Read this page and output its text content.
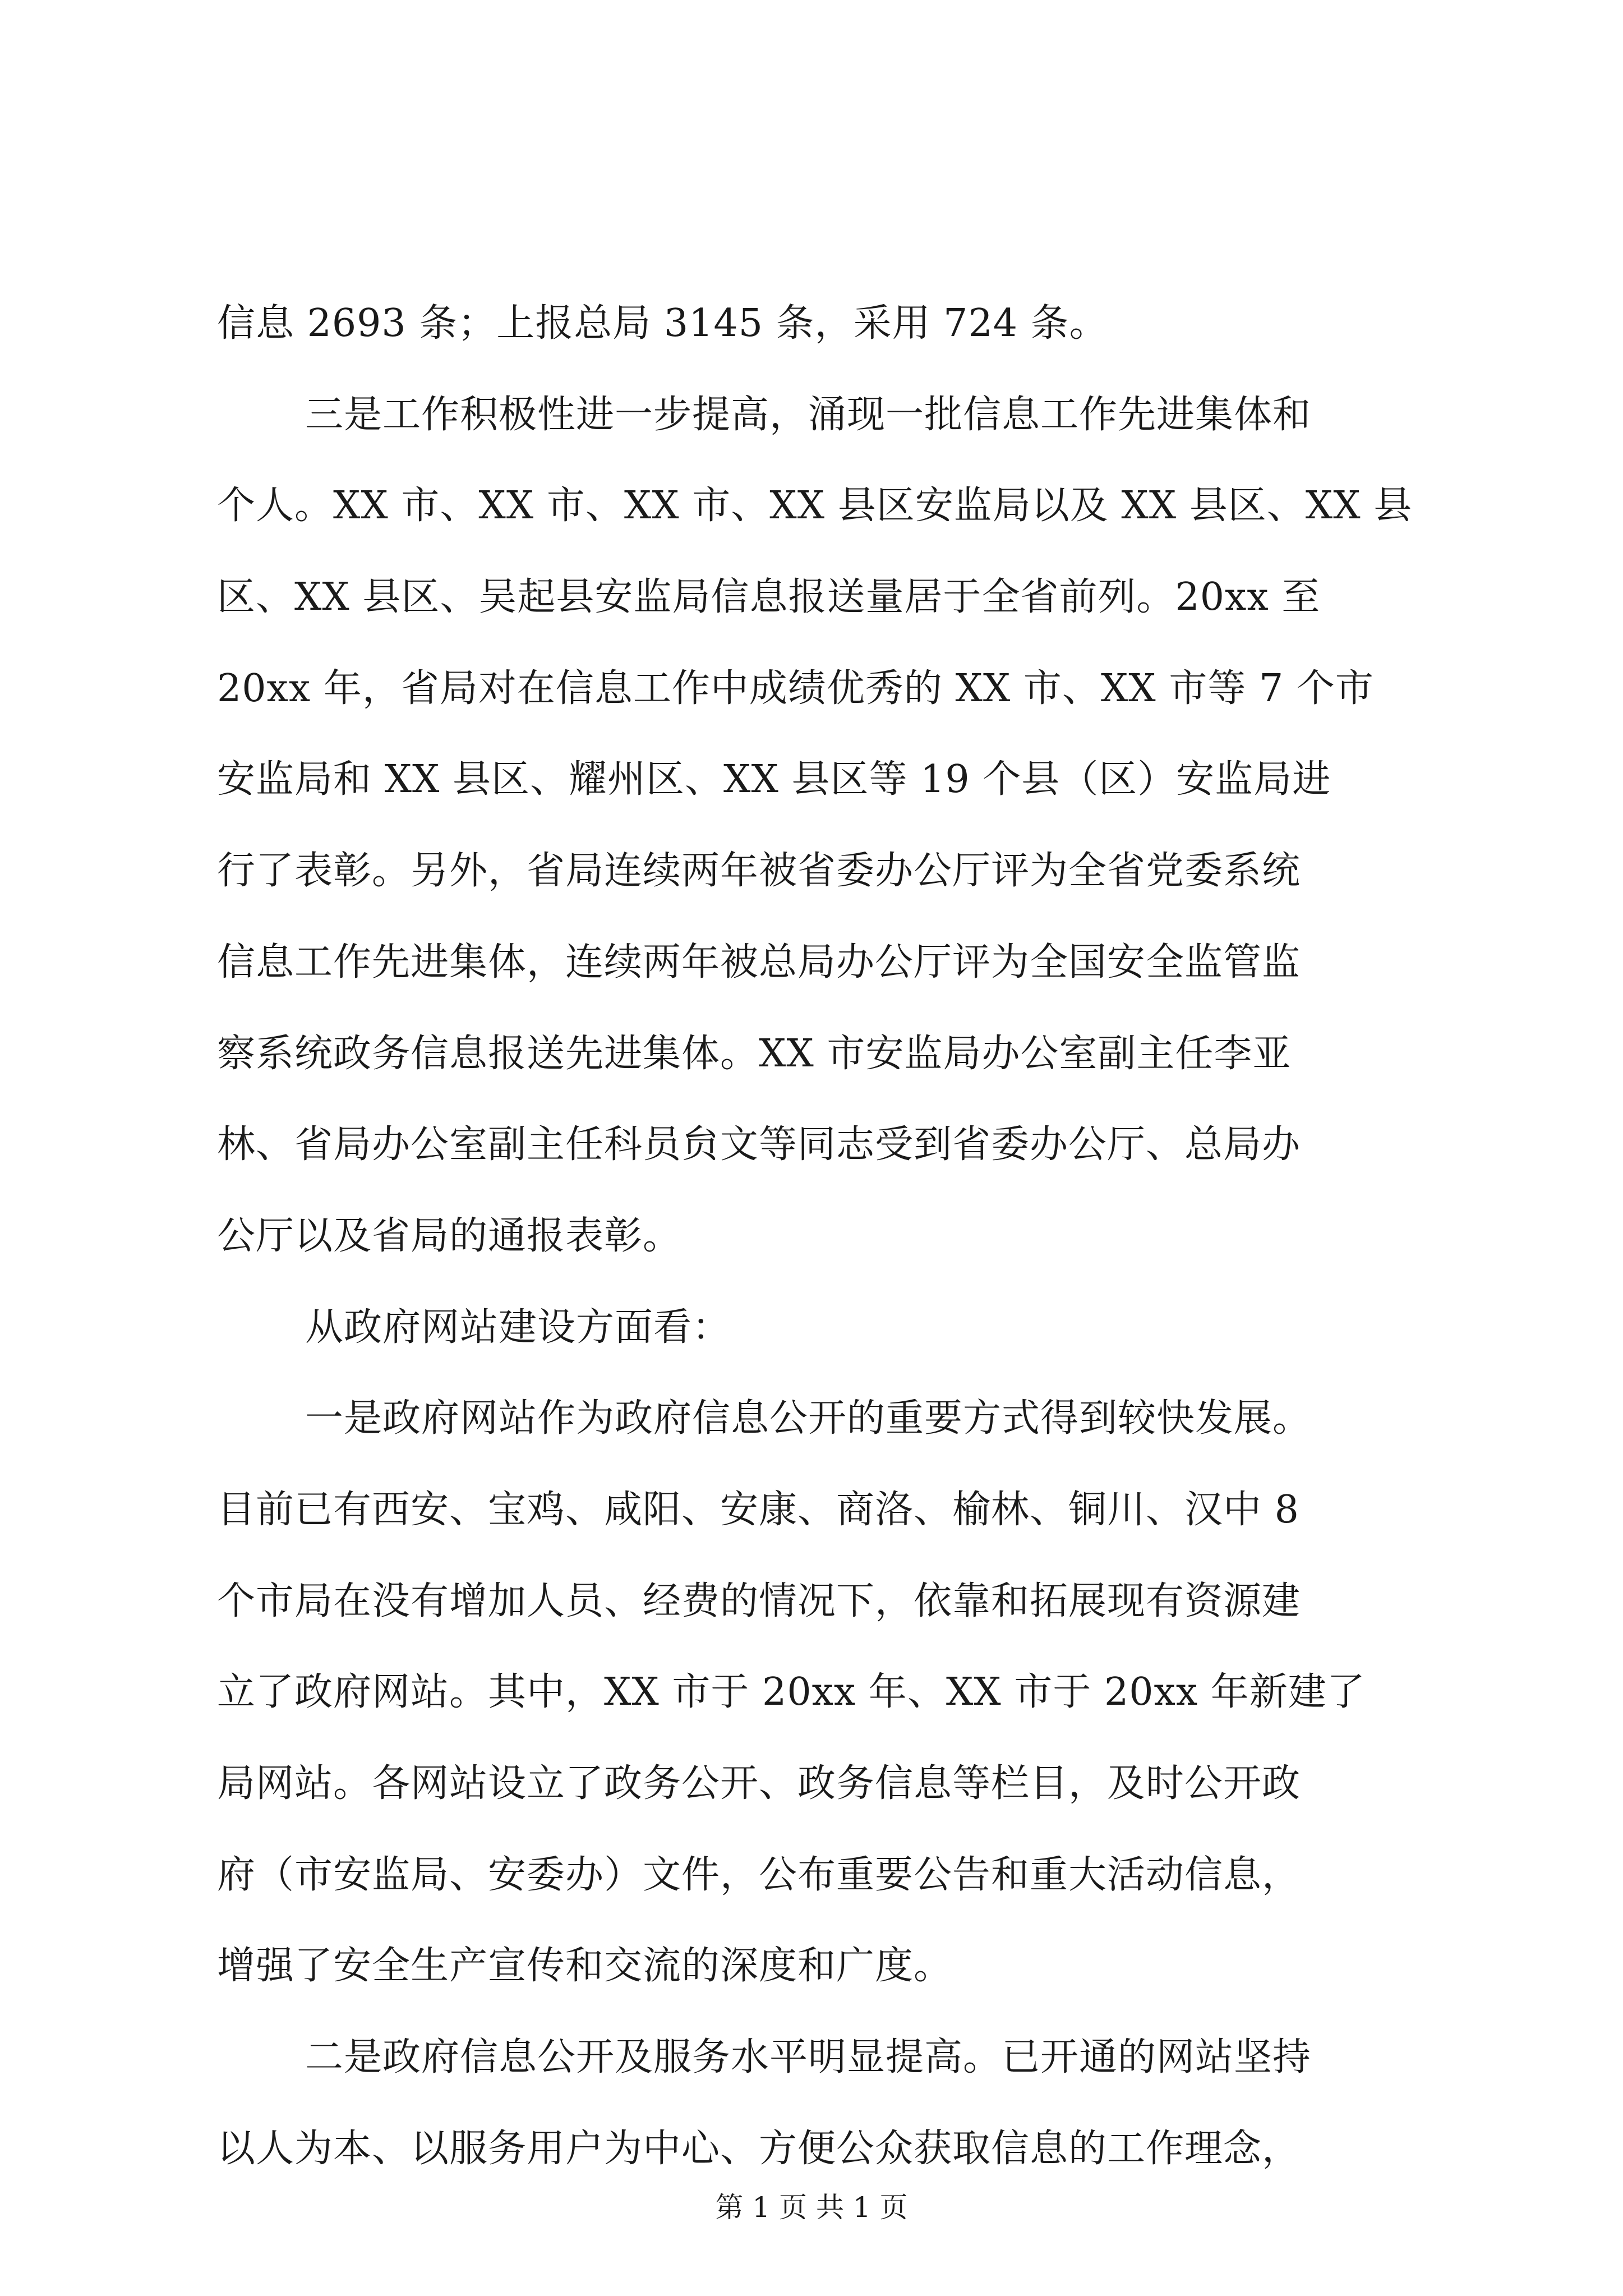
信息 2693 条；上报总局 3145 条，采用 724 条。
三是工作积极性进一步提高，涌现一批信息工作先进集体和
个人。XX 市、XX 市、XX 市、XX 县区安监局以及 XX 县区、XX 县
区、XX 县区、吴起县安监局信息报送量居于全省前列。20xx 至
20xx 年，省局对在信息工作中成绩优秀的 XX 市、XX 市等 7 个市
安监局和 XX 县区、耀州区、XX 县区等 19 个县（区）安监局进
行了表彰。另外，省局连续两年被省委办公厅评为全省党委系统
信息工作先进集体，连续两年被总局办公厅评为全国安全监管监
察系统政务信息报送先进集体。XX 市安监局办公室副主任李亚
林、省局办公室副主任科员贠文等同志受到省委办公厅、总局办
公厅以及省局的通报表彰。
从政府网站建设方面看：
一是政府网站作为政府信息公开的重要方式得到较快发展。
目前已有西安、宝鸡、咸阳、安康、商洛、榆林、铜川、汉中 8
个市局在没有增加人员、经费的情况下，依靠和拓展现有资源建
立了政府网站。其中，XX 市于 20xx 年、XX 市于 20xx 年新建了
局网站。各网站设立了政务公开、政务信息等栏目，及时公开政
府（市安监局、安委办）文件，公布重要公告和重大活动信息，
增强了安全生产宣传和交流的深度和广度。
二是政府信息公开及服务水平明显提高。已开通的网站坚持
以人为本、以服务用户为中心、方便公众获取信息的工作理念，
第 1 页 共 1 页
